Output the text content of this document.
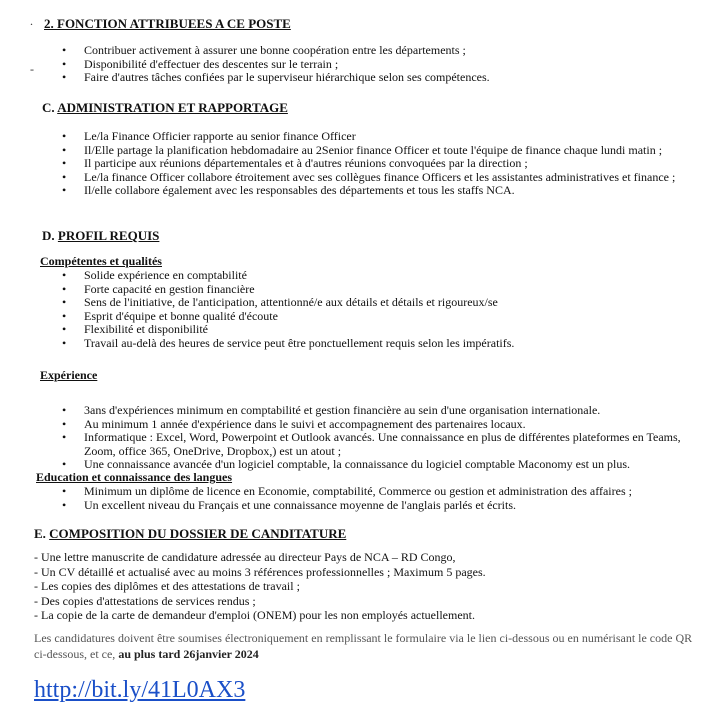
.
-
2. FONCTION ATTRIBUEES A CE POSTE
• Contribuer activement à assurer une bonne coopération entre les départements ;
• Disponibilité d'effectuer des descentes sur le terrain ;
• Faire d'autres tâches confiées par le superviseur hiérarchique selon ses compétences.
C. ADMINISTRATION ET RAPPORTAGE
• Le/la Finance Officier rapporte au senior finance Officer
• Il/Elle partage la planification hebdomadaire au 2Senior finance Officer et toute l'équipe de finance chaque lundi matin ;
• Il participe aux réunions départementales et à d'autres réunions convoquées par la direction ;
• Le/la finance Officer collabore étroitement avec ses collègues finance Officers et les assistantes administratives et finance ;
• Il/elle collabore également avec les responsables des départements et tous les staffs NCA.
D. PROFIL REQUIS
Compétentes et qualités
• Solide expérience en comptabilité
• Forte capacité en gestion financière
• Sens de l'initiative, de l'anticipation, attentionné/e aux détails et détails et rigoureux/se
• Esprit d'équipe et bonne qualité d'écoute
• Flexibilité et disponibilité
• Travail au-delà des heures de service peut être ponctuellement requis selon les impératifs.
Expérience
• 3ans d'expériences minimum en comptabilité et gestion financière au sein d'une organisation internationale.
• Au minimum 1 année d'expérience dans le suivi et accompagnement des partenaires locaux.
• Informatique : Excel, Word, Powerpoint et Outlook avancés. Une connaissance en plus de différentes plateformes en Teams, Zoom, office 365, OneDrive, Dropbox,) est un atout ;
• Une connaissance avancée d'un logiciel comptable, la connaissance du logiciel comptable Maconomy est un plus.
Education et connaissance des langues
• Minimum un diplôme de licence en Economie, comptabilité, Commerce ou gestion et administration des affaires ;
• Un excellent niveau du Français et une connaissance moyenne de l'anglais parlés et écrits.
E. COMPOSITION DU DOSSIER DE CANDITATURE
- Une lettre manuscrite de candidature adressée au directeur Pays de NCA – RD Congo,
- Un CV détaillé et actualisé avec au moins 3 références professionnelles ; Maximum 5 pages.
- Les copies des diplômes et des attestations de travail ;
- Des copies d'attestations de services rendus ;
- La copie de la carte de demandeur d'emploi (ONEM) pour les non employés actuellement.
Les candidatures doivent être soumises électroniquement en remplissant le formulaire via le lien ci-dessous ou en numérisant le code QR ci-dessous, et ce, au plus tard 26janvier 2024
http://bit.ly/41L0AX3
